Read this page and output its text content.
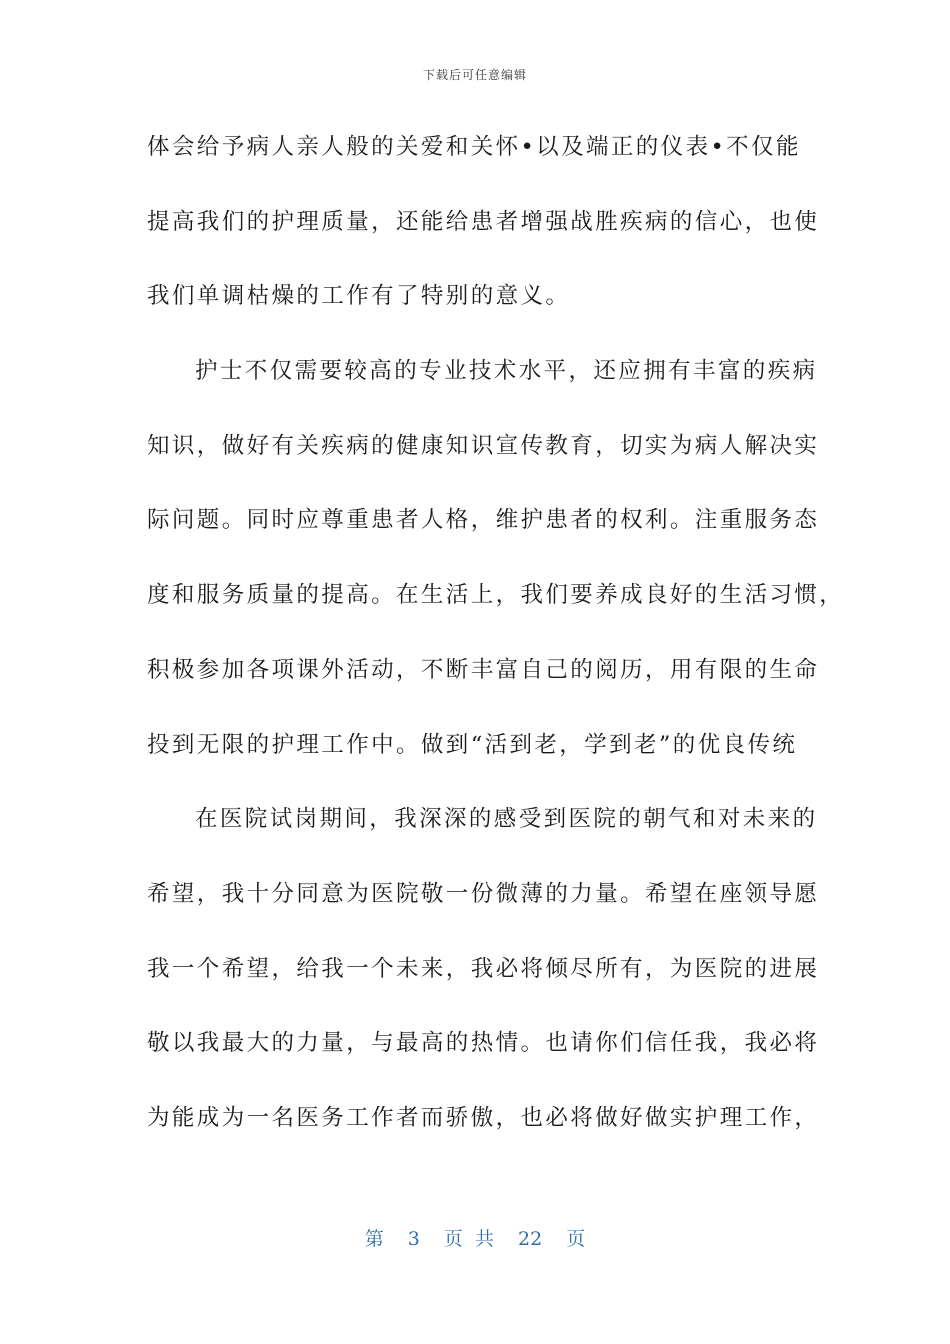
下载后可任意编辑
体会给予病人亲人般的关爱和关怀•以及端正的仪表•不仅能
提高我们的护理质量，还能给患者增强战胜疾病的信心，也使
我们单调枯燥的工作有了特别的意义。
护士不仅需要较高的专业技术水平，还应拥有丰富的疾病
知识，做好有关疾病的健康知识宣传教育，切实为病人解决实
际问题。同时应尊重患者人格，维护患者的权利。注重服务态
度和服务质量的提高。在生活上，我们要养成良好的生活习惯，
积极参加各项课外活动，不断丰富自己的阅历，用有限的生命
投到无限的护理工作中。做到“活到老，学到老”的优良传统
在医院试岗期间，我深深的感受到医院的朝气和对未来的
希望，我十分同意为医院敬一份微薄的力量。希望在座领导愿
我一个希望，给我一个未来，我必将倾尽所有，为医院的进展
敬以我最大的力量，与最高的热情。也请你们信任我，我必将
为能成为一名医务工作者而骄傲，也必将做好做实护理工作，
第 3 页 共 22 页
